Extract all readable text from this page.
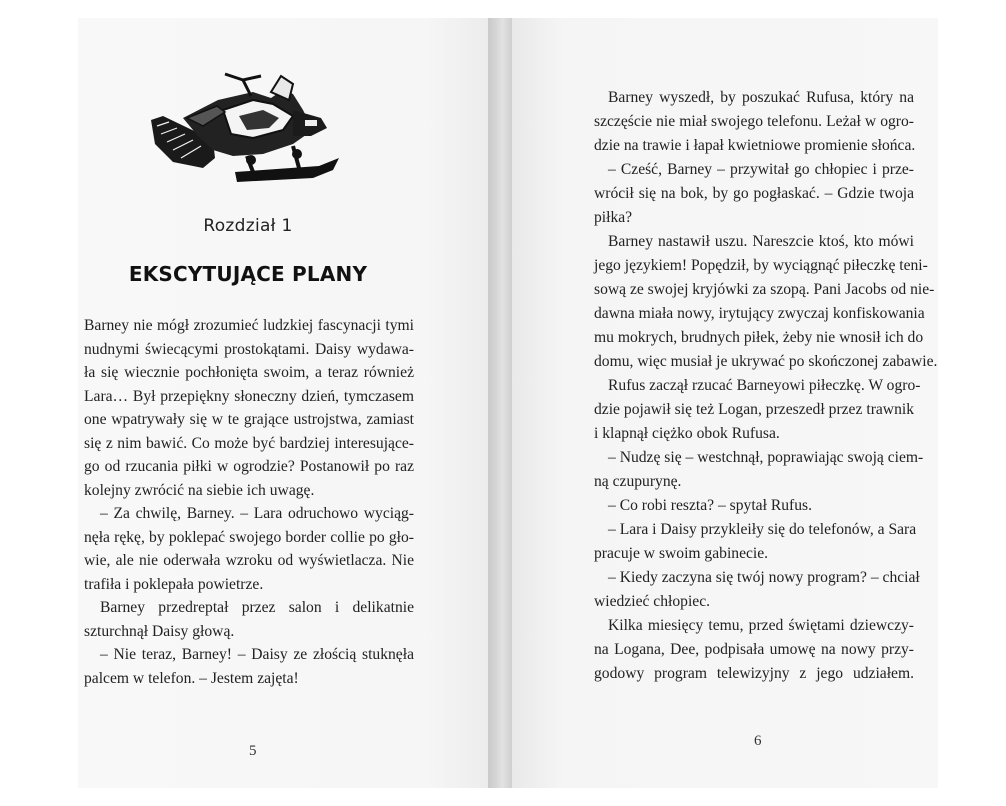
Rozdział 1
EKSCYTUJĄCE PLANY
Barney nie mógł zrozumieć ludzkiej fascynacji tymi
nudnymi świecącymi prostokątami. Daisy wydawa-
ła się wiecznie pochłonięta swoim, a teraz również
Lara… Był przepiękny słoneczny dzień, tymczasem
one wpatrywały się w te grające ustrojstwa, zamiast
się z nim bawić. Co może być bardziej interesujące-
go od rzucania piłki w ogrodzie? Postanowił po raz
kolejny zwrócić na siebie ich uwagę.
– Za chwilę, Barney. – Lara odruchowo wyciąg-
nęła rękę, by poklepać swojego border collie po gło-
wie, ale nie oderwała wzroku od wyświetlacza. Nie
trafiła i poklepała powietrze.
Barney przedreptał przez salon i delikatnie
szturchnął Daisy głową.
– Nie teraz, Barney! – Daisy ze złością stuknęła
palcem w telefon. – Jestem zajęta!
5
Barney wyszedł, by poszukać Rufusa, który na
szczęście nie miał swojego telefonu. Leżał w ogro-
dzie na trawie i łapał kwietniowe promienie słońca.
– Cześć, Barney – przywitał go chłopiec i prze-
wrócił się na bok, by go pogłaskać. – Gdzie twoja
piłka?
Barney nastawił uszu. Nareszcie ktoś, kto mówi
jego językiem! Popędził, by wyciągnąć piłeczkę teni-
sową ze swojej kryjówki za szopą. Pani Jacobs od nie-
dawna miała nowy, irytujący zwyczaj konfiskowania
mu mokrych, brudnych piłek, żeby nie wnosił ich do
domu, więc musiał je ukrywać po skończonej zabawie.
Rufus zaczął rzucać Barneyowi piłeczkę. W ogro-
dzie pojawił się też Logan, przeszedł przez trawnik
i klapnął ciężko obok Rufusa.
– Nudzę się – westchnął, poprawiając swoją ciem-
ną czupurynę.
– Co robi reszta? – spytał Rufus.
– Lara i Daisy przykleiły się do telefonów, a Sara
pracuje w swoim gabinecie.
– Kiedy zaczyna się twój nowy program? – chciał
wiedzieć chłopiec.
Kilka miesięcy temu, przed świętami dziewczy-
na Logana, Dee, podpisała umowę na nowy przy-
godowy program telewizyjny z jego udziałem.
6
